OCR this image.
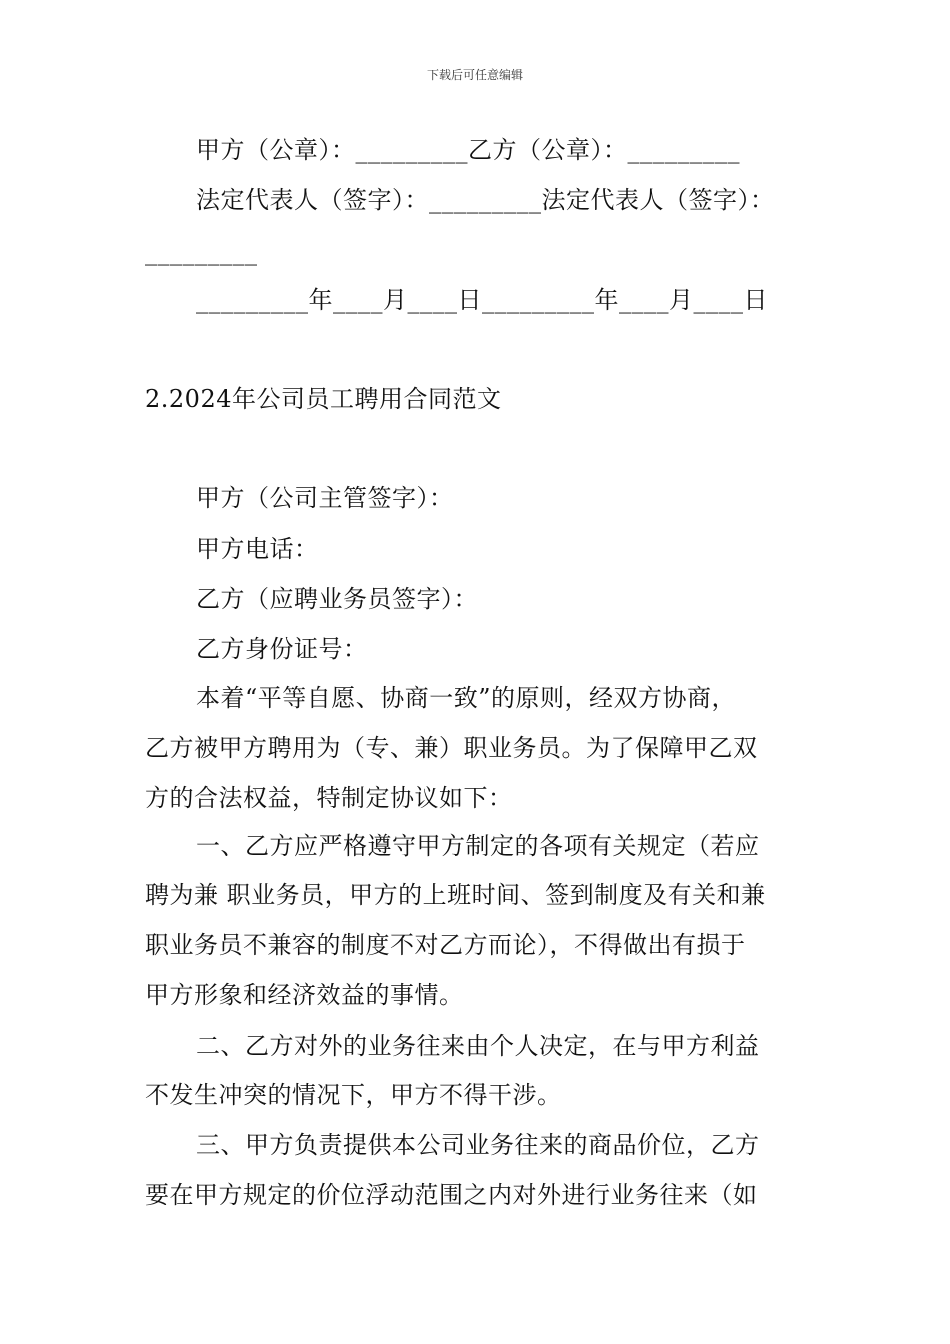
下载后可任意编辑
甲方（公章）：_________乙方（公章）：_________
法定代表人（签字）：_________法定代表人（签字）：
_________
_________年____月____日_________年____月____日
2.2024年公司员工聘用合同范文
甲方（公司主管签字）：
甲方电话：
乙方（应聘业务员签字）：
乙方身份证号：
本着“平等自愿、协商一致”的原则，经双方协商，
乙方被甲方聘用为（专、兼）职业务员。为了保障甲乙双
方的合法权益，特制定协议如下：
一、乙方应严格遵守甲方制定的各项有关规定（若应
聘为兼 职业务员，甲方的上班时间、签到制度及有关和兼
职业务员不兼容的制度不对乙方而论），不得做出有损于
甲方形象和经济效益的事情。
二、乙方对外的业务往来由个人决定，在与甲方利益
不发生冲突的情况下，甲方不得干涉。
三、甲方负责提供本公司业务往来的商品价位，乙方
要在甲方规定的价位浮动范围之内对外进行业务往来（如
